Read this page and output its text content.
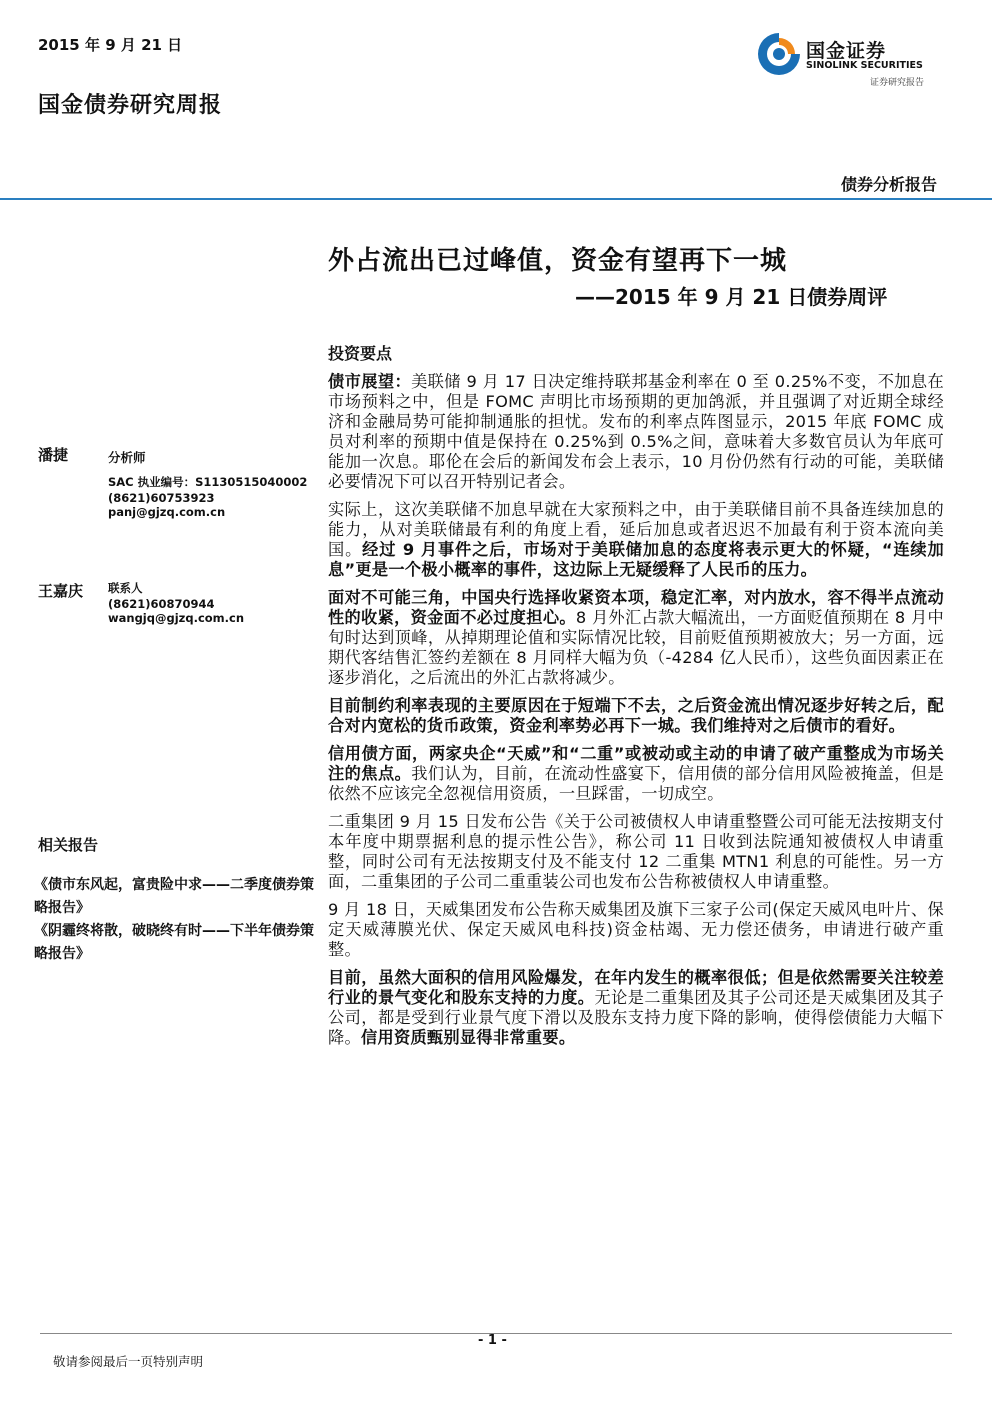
2015 年 9 月 21 日
国金债券研究周报
国金证券
SINOLINK SECURITIES
证券研究报告
债券分析报告
外占流出已过峰值，资金有望再下一城
——2015 年 9 月 21 日债券周评
投资要点
潘捷	分析师
SAC 执业编号：S1130515040002
(8621)60753923
panj@gjzq.com.cn
王嘉庆 联系人
(8621)60870944
wangjq@gjzq.com.cn
相关报告
《债市东风起，富贵险中求——二季度债券策略报告》
《阴霾终将散，破晓终有时——下半年债券策略报告》

债市展望：美联储 9 月 17 日决定维持联邦基金利率在 0 至 0.25%不变，不加息在市场预料之中，但是 FOMC 声明比市场预期的更加鸽派，并且强调了对近期全球经济和金融局势可能抑制通胀的担忧。发布的利率点阵图显示，2015 年底 FOMC 成员对利率的预期中值是保持在 0.25%到 0.5%之间，意味着大多数官员认为年底可能加一次息。耶伦在会后的新闻发布会上表示，10 月份仍然有行动的可能，美联储必要情况下可以召开特别记者会。

实际上，这次美联储不加息早就在大家预料之中，由于美联储目前不具备连续加息的能力，从对美联储最有利的角度上看，延后加息或者迟迟不加最有利于资本流向美国。经过 9 月事件之后，市场对于美联储加息的态度将表示更大的怀疑，“连续加息”更是一个极小概率的事件，这边际上无疑缓释了人民币的压力。

面对不可能三角，中国央行选择收紧资本项，稳定汇率，对内放水，容不得半点流动性的收紧，资金面不必过度担心。8 月外汇占款大幅流出，一方面贬值预期在 8 月中旬时达到顶峰，从掉期理论值和实际情况比较，目前贬值预期被放大；另一方面，远期代客结售汇签约差额在 8 月同样大幅为负（-4284 亿人民币），这些负面因素正在逐步消化，之后流出的外汇占款将减少。

目前制约利率表现的主要原因在于短端下不去，之后资金流出情况逐步好转之后，配合对内宽松的货币政策，资金利率势必再下一城。我们维持对之后债市的看好。

信用债方面，两家央企“天威”和“二重”或被动或主动的申请了破产重整成为市场关注的焦点。我们认为，目前，在流动性盛宴下，信用债的部分信用风险被掩盖，但是依然不应该完全忽视信用资质，一旦踩雷，一切成空。

二重集团 9 月 15 日发布公告《关于公司被债权人申请重整暨公司可能无法按期支付本年度中期票据利息的提示性公告》，称公司 11 日收到法院通知被债权人申请重整，同时公司有无法按期支付及不能支付 12 二重集 MTN1 利息的可能性。另一方面，二重集团的子公司二重重装公司也发布公告称被债权人申请重整。

9 月 18 日，天威集团发布公告称天威集团及旗下三家子公司(保定天威风电叶片、保定天威薄膜光伏、保定天威风电科技)资金枯竭、无力偿还债务，申请进行破产重整。

目前，虽然大面积的信用风险爆发，在年内发生的概率很低；但是依然需要关注较差行业的景气变化和股东支持的力度。无论是二重集团及其子公司还是天威集团及其子公司，都是受到行业景气度下滑以及股东支持力度下降的影响，使得偿债能力大幅下降。信用资质甄别显得非常重要。

- 1 -
敬请参阅最后一页特别声明
